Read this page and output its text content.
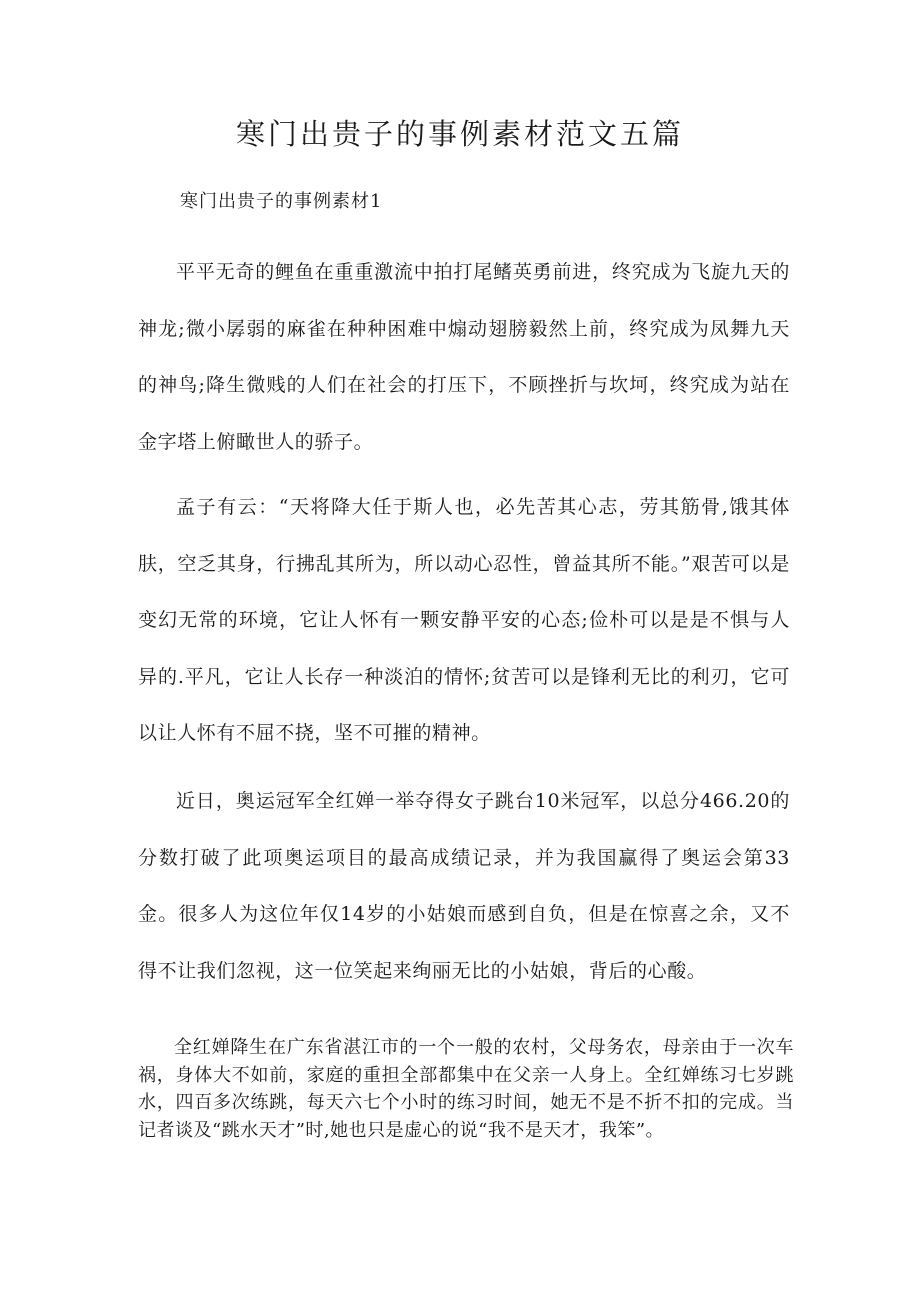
寒门出贵子的事例素材范文五篇

寒门出贵子的事例素材1

平平无奇的鲤鱼在重重激流中拍打尾鳍英勇前进，终究成为飞旋九天的神龙;微小孱弱的麻雀在种种困难中煽动翅膀毅然上前，终究成为凤舞九天的神鸟;降生微贱的人们在社会的打压下，不顾挫折与坎坷，终究成为站在金字塔上俯瞰世人的骄子。

孟子有云：“天将降大任于斯人也，必先苦其心志，劳其筋骨,饿其体肤，空乏其身，行拂乱其所为，所以动心忍性，曾益其所不能。”艰苦可以是变幻无常的环境，它让人怀有一颗安静平安的心态;俭朴可以是是不惧与人异的.平凡，它让人长存一种淡泊的情怀;贫苦可以是锋利无比的利刃，它可以让人怀有不屈不挠，坚不可摧的精神。

近日，奥运冠军全红婵一举夺得女子跳台10米冠军，以总分466.20的分数打破了此项奥运项目的最高成绩记录，并为我国赢得了奥运会第33金。很多人为这位年仅14岁的小姑娘而感到自负，但是在惊喜之余，又不得不让我们忽视，这一位笑起来绚丽无比的小姑娘，背后的心酸。

全红婵降生在广东省湛江市的一个一般的农村，父母务农，母亲由于一次车祸，身体大不如前，家庭的重担全部都集中在父亲一人身上。全红婵练习七岁跳水，四百多次练跳，每天六七个小时的练习时间，她无不是不折不扣的完成。当记者谈及“跳水天才”时,她也只是虚心的说“我不是天才，我笨”。
